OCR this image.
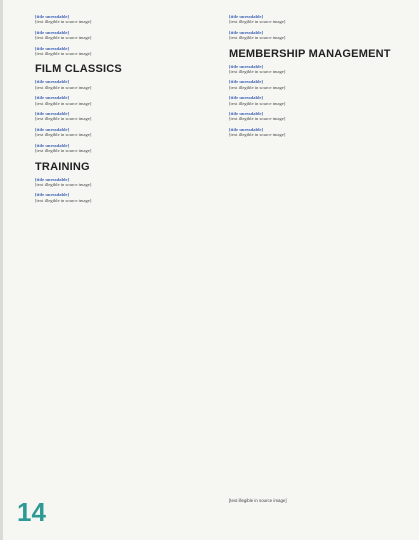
[title unreadable]
[text illegible in source image]
[title unreadable]
[text illegible in source image]
[title unreadable]
[text illegible in source image]
FILM CLASSICS
[title unreadable]
[text illegible in source image]
[title unreadable]
[text illegible in source image]
[title unreadable]
[text illegible in source image]
[title unreadable]
[text illegible in source image]
[title unreadable]
[text illegible in source image]
TRAINING
[title unreadable]
[text illegible in source image]
[title unreadable]
[text illegible in source image]
[title unreadable]
[text illegible in source image]
[title unreadable]
[text illegible in source image]
MEMBERSHIP MANAGEMENT
[title unreadable]
[text illegible in source image]
[title unreadable]
[text illegible in source image]
[title unreadable]
[text illegible in source image]
[title unreadable]
[text illegible in source image]
[title unreadable]
[text illegible in source image]
[text illegible in source image]
14
